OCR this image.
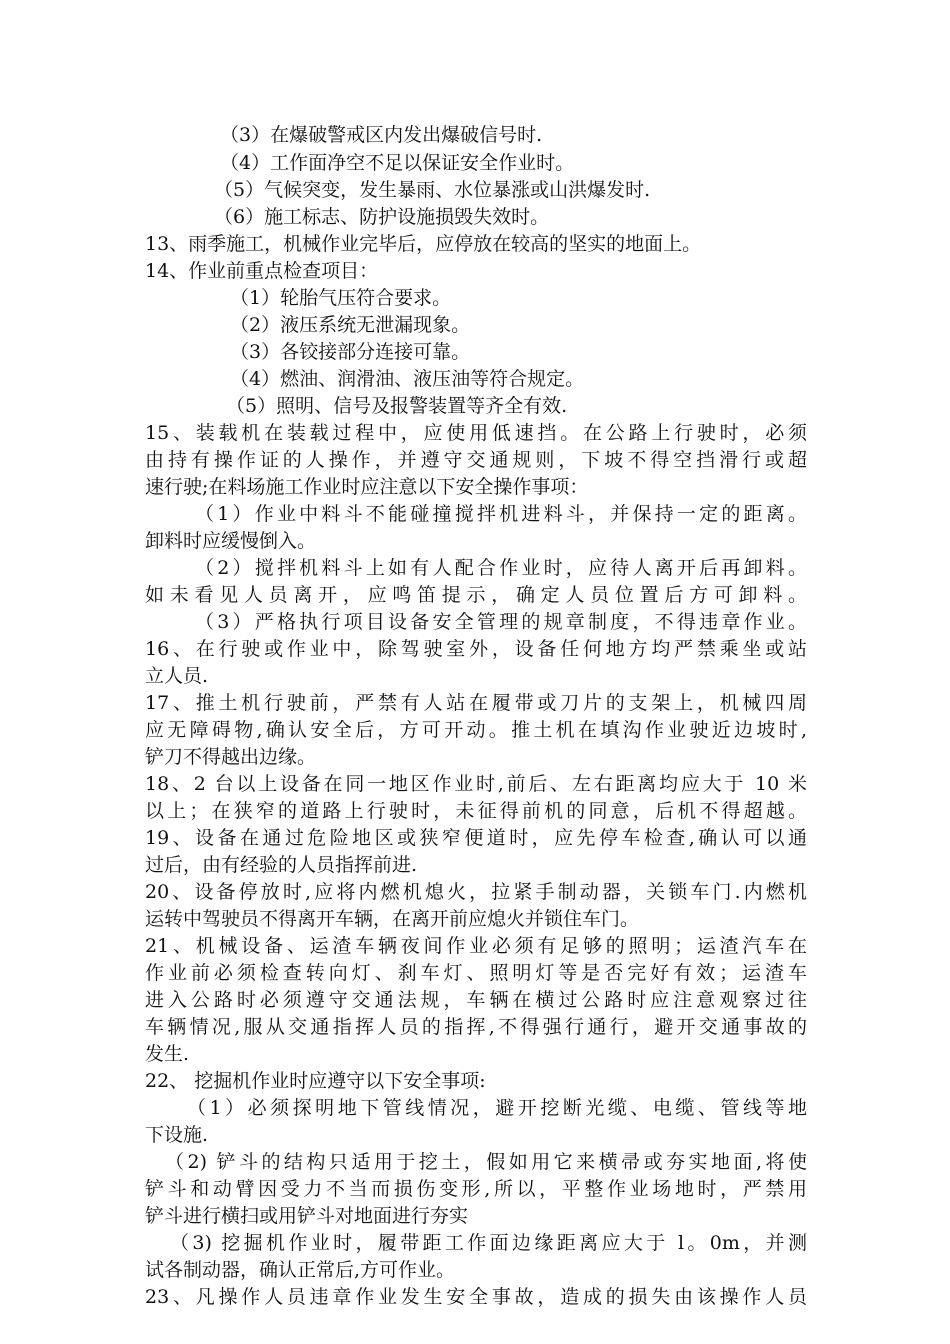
（3）在爆破警戒区内发出爆破信号时.
（4）工作面净空不足以保证安全作业时。
（5）气候突变，发生暴雨、水位暴涨或山洪爆发时.
（6）施工标志、防护设施损毁失效时。
13、雨季施工，机械作业完毕后，应停放在较高的坚实的地面上。
14、作业前重点检查项目：
（1）轮胎气压符合要求。
（2）液压系统无泄漏现象。
（3）各铰接部分连接可靠。
（4）燃油、润滑油、液压油等符合规定。
（5）照明、信号及报警装置等齐全有效.
15、装载机在装载过程中，应使用低速挡。在公路上行驶时，必须
由持有操作证的人操作，并遵守交通规则，下坡不得空挡滑行或超
速行驶;在料场施工作业时应注意以下安全操作事项：
（1）作业中料斗不能碰撞搅拌机进料斗，并保持一定的距离。
卸料时应缓慢倒入。
（2）搅拌机料斗上如有人配合作业时，应待人离开后再卸料。
如未看见人员离开，应鸣笛提示，确定人员位置后方可卸料。
（3）严格执行项目设备安全管理的规章制度，不得违章作业。
16、在行驶或作业中，除驾驶室外，设备任何地方均严禁乘坐或站
立人员.
17、推土机行驶前，严禁有人站在履带或刀片的支架上，机械四周
应无障碍物,确认安全后，方可开动。推土机在填沟作业驶近边坡时,
铲刀不得越出边缘。
18、2 台以上设备在同一地区作业时,前后、左右距离均应大于 10 米
以上；在狭窄的道路上行驶时，未征得前机的同意，后机不得超越。
19、设备在通过危险地区或狭窄便道时，应先停车检查,确认可以通
过后，由有经验的人员指挥前进.
20、设备停放时,应将内燃机熄火，拉紧手制动器，关锁车门.内燃机
运转中驾驶员不得离开车辆，在离开前应熄火并锁住车门。
21、机械设备、运渣车辆夜间作业必须有足够的照明；运渣汽车在
作业前必须检查转向灯、刹车灯、照明灯等是否完好有效；运渣车
进入公路时必须遵守交通法规，车辆在横过公路时应注意观察过往
车辆情况,服从交通指挥人员的指挥,不得强行通行，避开交通事故的
发生.
22、 挖掘机作业时应遵守以下安全事项:
（1）必须探明地下管线情况，避开挖断光缆、电缆、管线等地
下设施.
（2) 铲斗的结构只适用于挖土，假如用它来横帚或夯实地面,将使
铲斗和动臂因受力不当而损伤变形,所以，平整作业场地时，严禁用
铲斗进行横扫或用铲斗对地面进行夯实
（3) 挖掘机作业时，履带距工作面边缘距离应大于 l。0m，并测
试各制动器，确认正常后,方可作业。
23、凡操作人员违章作业发生安全事故，造成的损失由该操作人员
